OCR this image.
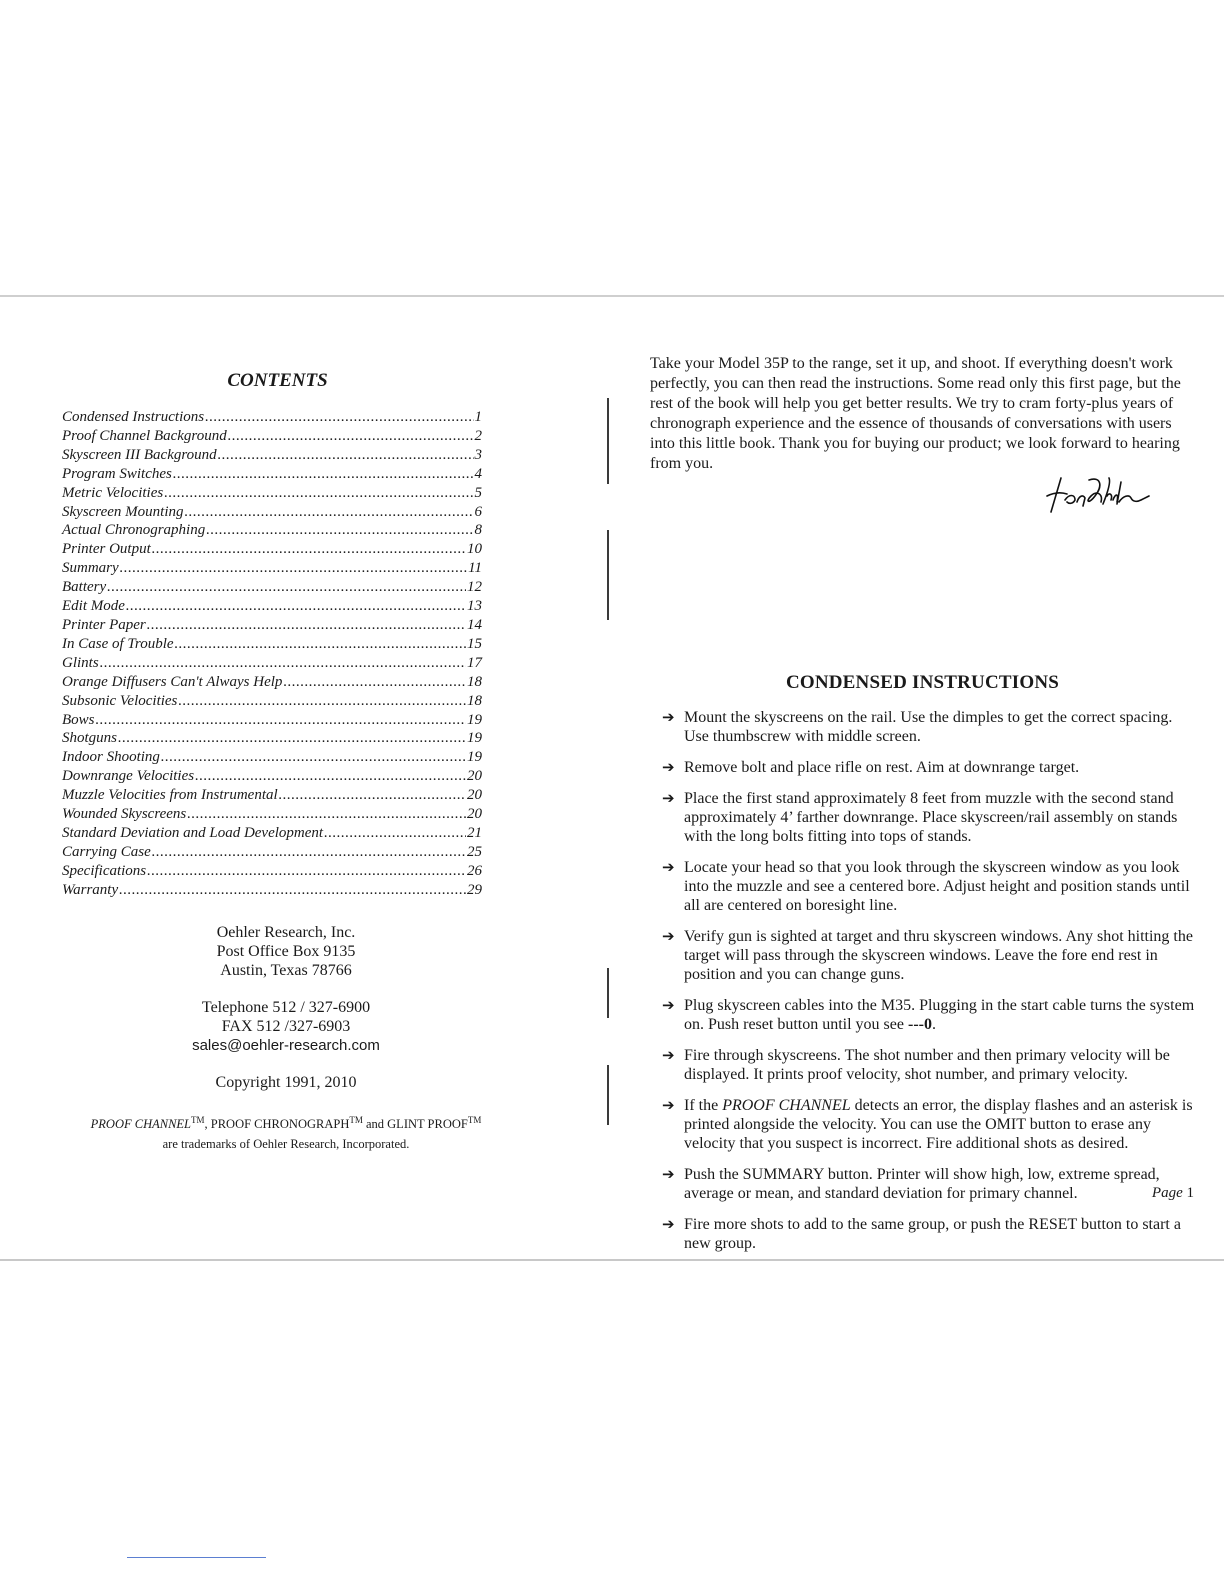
CONTENTS
Condensed Instructions .....	1
Proof Channel Background .....	2
Skyscreen III Background .....	3
Program Switches .....	4
Metric Velocities .....	5
Skyscreen Mounting .....	6
Actual Chronographing .....	8
Printer Output .....	10
Summary .....	11
Battery .....	12
Edit Mode .....	13
Printer Paper .....	14
In Case of Trouble .....	15
Glints .....	17
Orange Diffusers Can't Always Help .....	18
Subsonic Velocities .....	18
Bows .....	19
Shotguns .....	19
Indoor Shooting .....	19
Downrange Velocities .....	20
Muzzle Velocities from Instrumental .....	20
Wounded Skyscreens .....	20
Standard Deviation and Load Development .....	21
Carrying Case .....	25
Specifications .....	26
Warranty .....	29

Oehler Research, Inc.

Post Office Box 9135

Austin, Texas 78766

Telephone 512 / 327-6900

FAX 512 /327-6903

sales@oehler-research.com

Copyright 1991, 2010

PROOF CHANNEL™, PROOF CHRONOGRAPH™ and GLINT PROOF™
are trademarks of Oehler Research, Incorporated.

Take your Model 35P to the range, set it up, and shoot. If everything doesn't work perfectly, you can then read the instructions. Some read only this first page, but the rest of the book will help you get better results. We try to cram forty-plus years of chronograph experience and the essence of thousands of conversations with users into this little book. Thank you for buying our product; we look forward to hearing from you.

CONDENSED INSTRUCTIONS
➔ Mount the skyscreens on the rail. Use the dimples to get the correct spacing. Use thumbscrew with middle screen.
➔ Remove bolt and place rifle on rest. Aim at downrange target.
➔ Place the first stand approximately 8 feet from muzzle with the second stand approximately 4’ farther downrange. Place skyscreen/rail assembly on stands with the long bolts fitting into tops of stands.
➔ Locate your head so that you look through the skyscreen window as you look into the muzzle and see a centered bore. Adjust height and position stands until all are centered on boresight line.
➔ Verify gun is sighted at target and thru skyscreen windows. Any shot hitting the target will pass through the skyscreen windows. Leave the fore end rest in position and you can change guns.
➔ Plug skyscreen cables into the M35. Plugging in the start cable turns the system on. Push reset button until you see ---0.
➔ Fire through skyscreens. The shot number and then primary velocity will be displayed. It prints proof velocity, shot number, and primary velocity.
➔ If the PROOF CHANNEL detects an error, the display flashes and an asterisk is printed alongside the velocity. You can use the OMIT button to erase any velocity that you suspect is incorrect. Fire additional shots as desired.
➔ Push the SUMMARY button. Printer will show high, low, extreme spread, average or mean, and standard deviation for primary channel.
➔ Fire more shots to add to the same group, or push the RESET button to start a new group.
Page 1
